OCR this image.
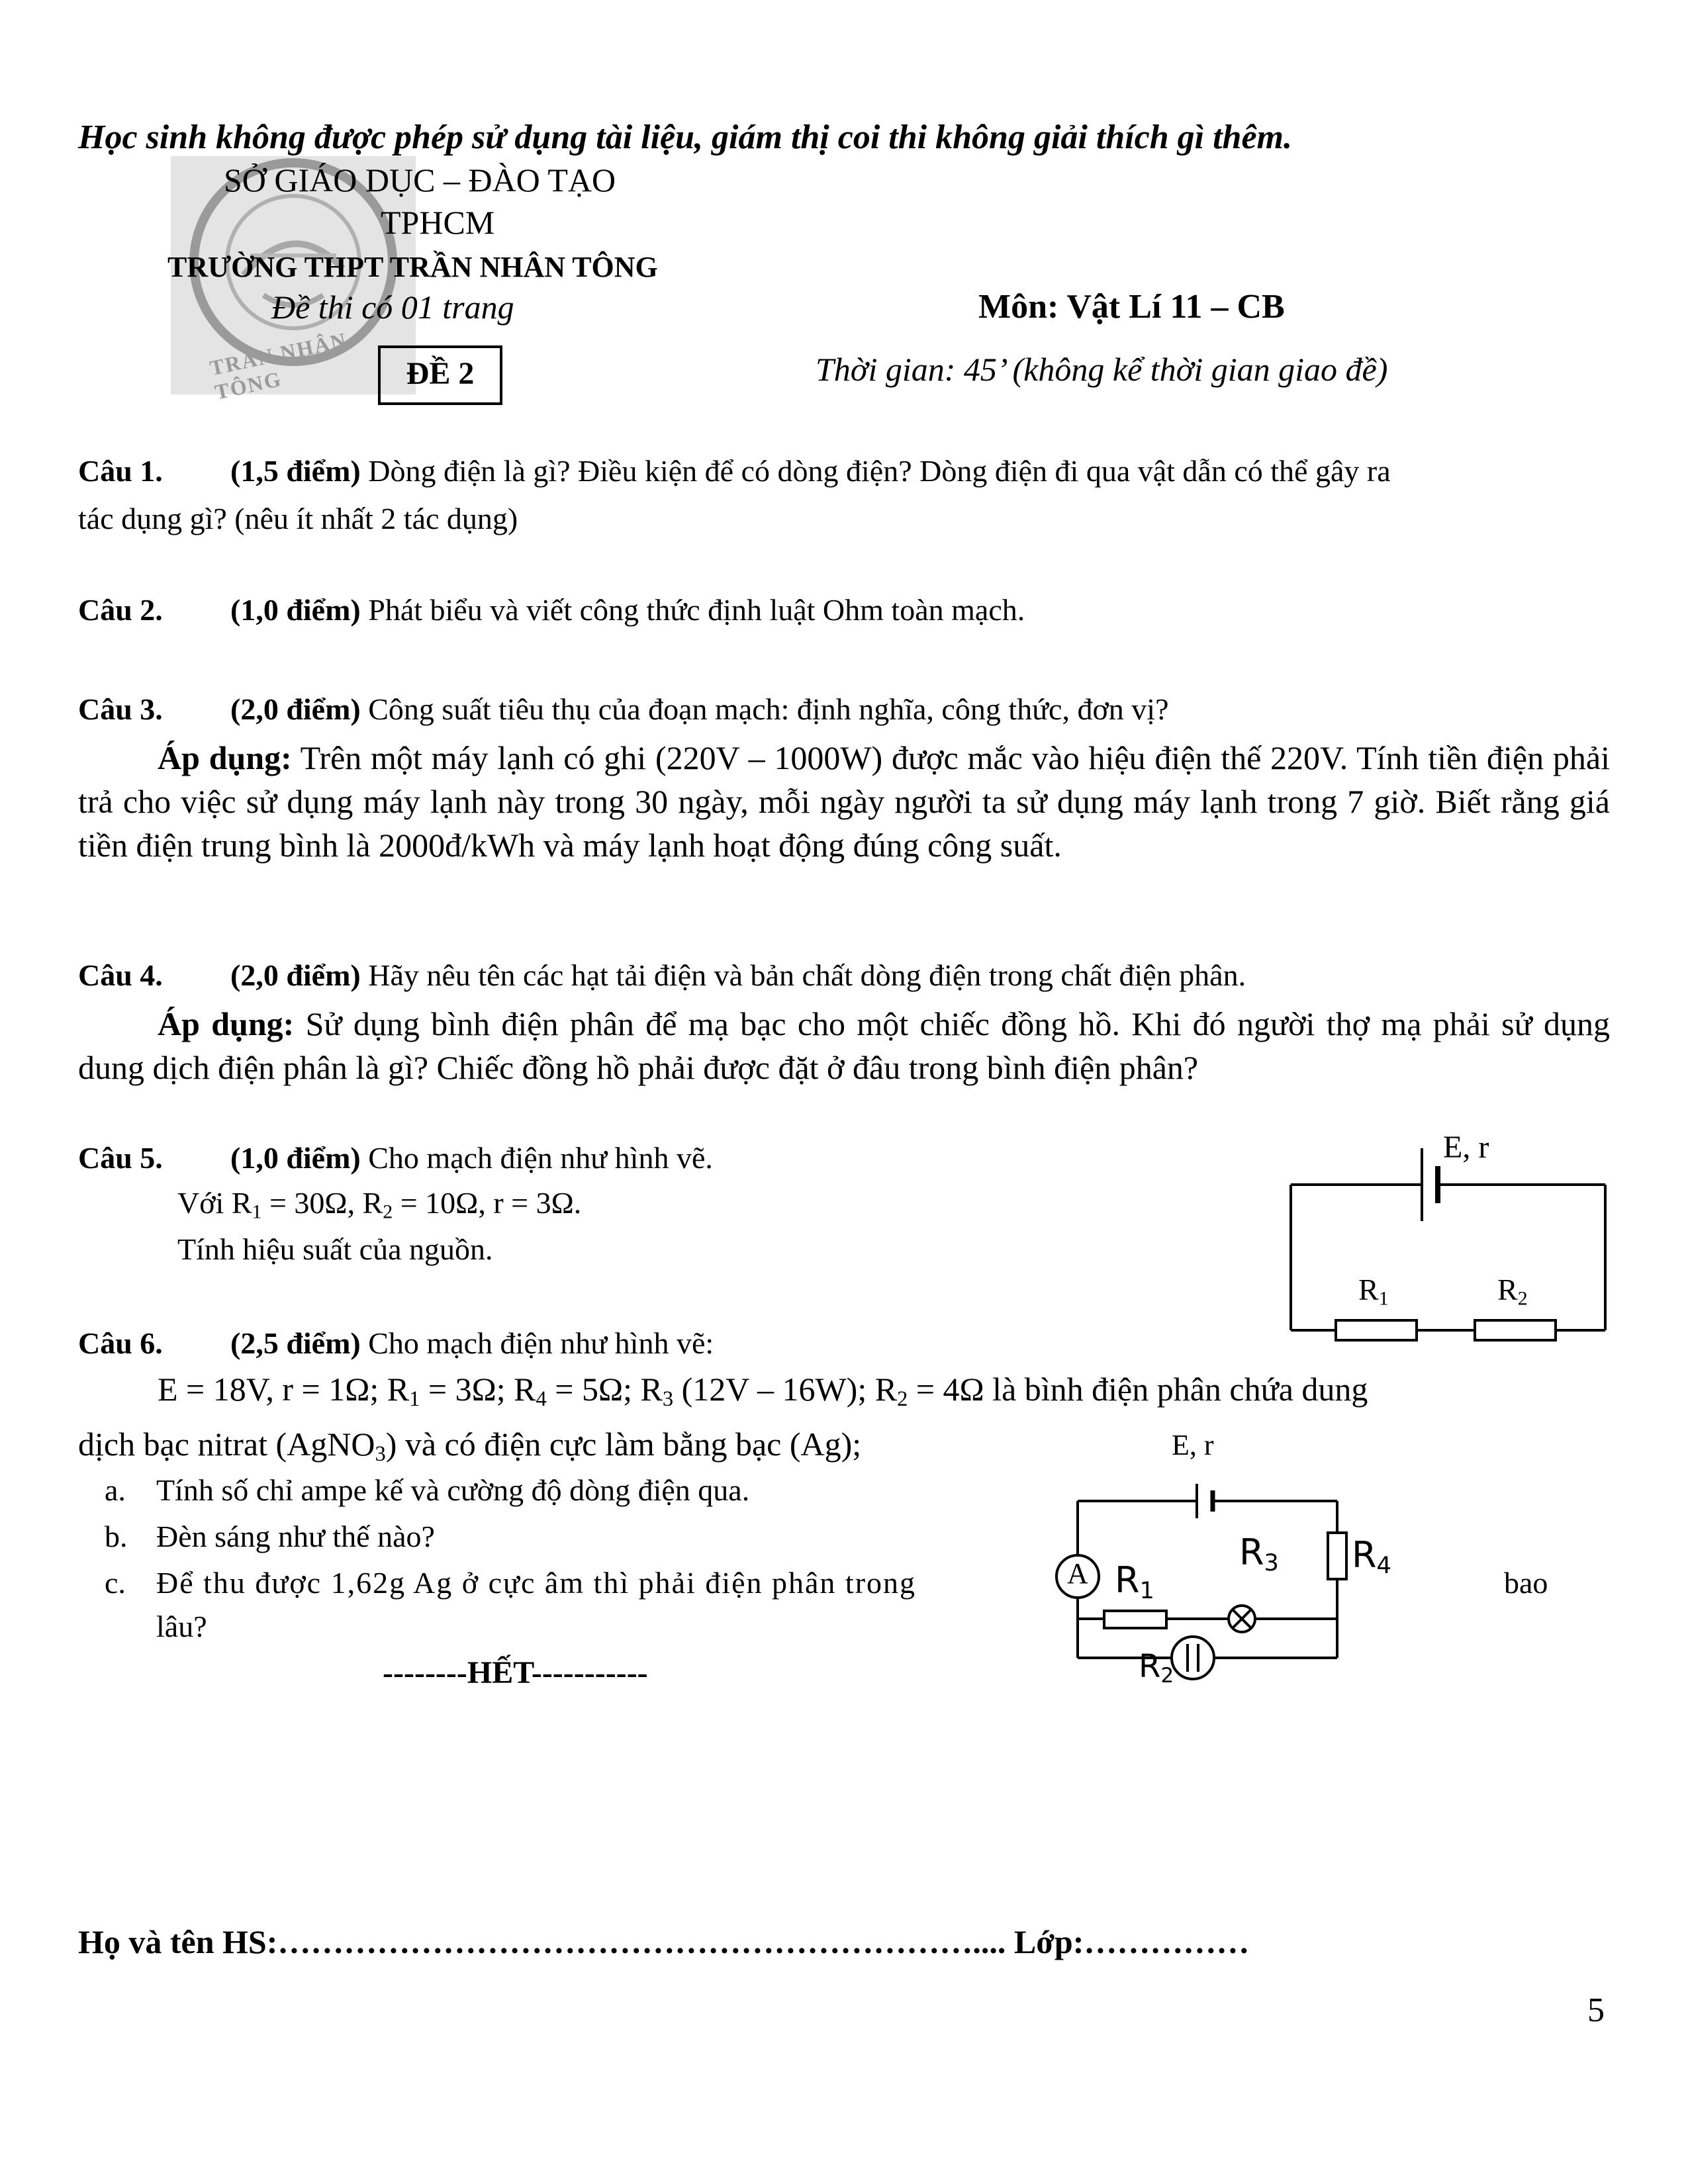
Học sinh không được phép sử dụng tài liệu, giám thị coi thi không giải thích gì thêm.
TRẦN NHÂN TÔNG
SỞ GIÁO DỤC – ĐÀO TẠO
TPHCM
TRƯỜNG THPT TRẦN NHÂN TÔNG
Đề thi có 01 trang
ĐỀ 2
Môn: Vật Lí 11 – CB
Thời gian: 45’ (không kể thời gian giao đề)
Câu 1. (1,5 điểm) Dòng điện là gì? Điều kiện để có dòng điện? Dòng điện đi qua vật dẫn có thể gây ra
tác dụng gì? (nêu ít nhất 2 tác dụng)
Câu 2. (1,0 điểm) Phát biểu và viết công thức định luật Ohm toàn mạch.
Câu 3. (2,0 điểm) Công suất tiêu thụ của đoạn mạch: định nghĩa, công thức, đơn vị?
Áp dụng: Trên một máy lạnh có ghi (220V – 1000W) được mắc vào hiệu điện thế 220V. Tính tiền điện phải trả cho việc sử dụng máy lạnh này trong 30 ngày, mỗi ngày người ta sử dụng máy lạnh trong 7 giờ. Biết rằng giá tiền điện trung bình là 2000đ/kWh và máy lạnh hoạt động đúng công suất.
Câu 4. (2,0 điểm) Hãy nêu tên các hạt tải điện và bản chất dòng điện trong chất điện phân.
Áp dụng: Sử dụng bình điện phân để mạ bạc cho một chiếc đồng hồ. Khi đó người thợ mạ phải sử dụng dung dịch điện phân là gì? Chiếc đồng hồ phải được đặt ở đâu trong bình điện phân?
Câu 5. (1,0 điểm) Cho mạch điện như hình vẽ.
Với $R_1 = 30\Omega$, $R_2 = 10\Omega$, r = 3Ω.
Tính hiệu suất của nguồn.
E, r
$R_1$	$R_2$
Câu 6. (2,5 điểm) Cho mạch điện như hình vẽ:
E = 18V, r = 1Ω; $R_1 = 3\Omega$; $R_4 = 5\Omega$; $R_3$ (12V – 16W); $R_2 = 4\Omega$ là bình điện phân chứa dung
dịch bạc nitrat (AgNO$_3$) và có điện cực làm bằng bạc (Ag);
a. Tính số chỉ ampe kế và cường độ dòng điện qua.
b. Đèn sáng như thế nào?
c. Để thu được 1,62g Ag ở cực âm thì phải điện phân trong	bao
lâu?
E, r
A $R_1$
$R_3$ $R_4$
$R_2$
--------HẾT-----------
Họ và tên HS:……………………………………………………….... Lớp:……………
5
